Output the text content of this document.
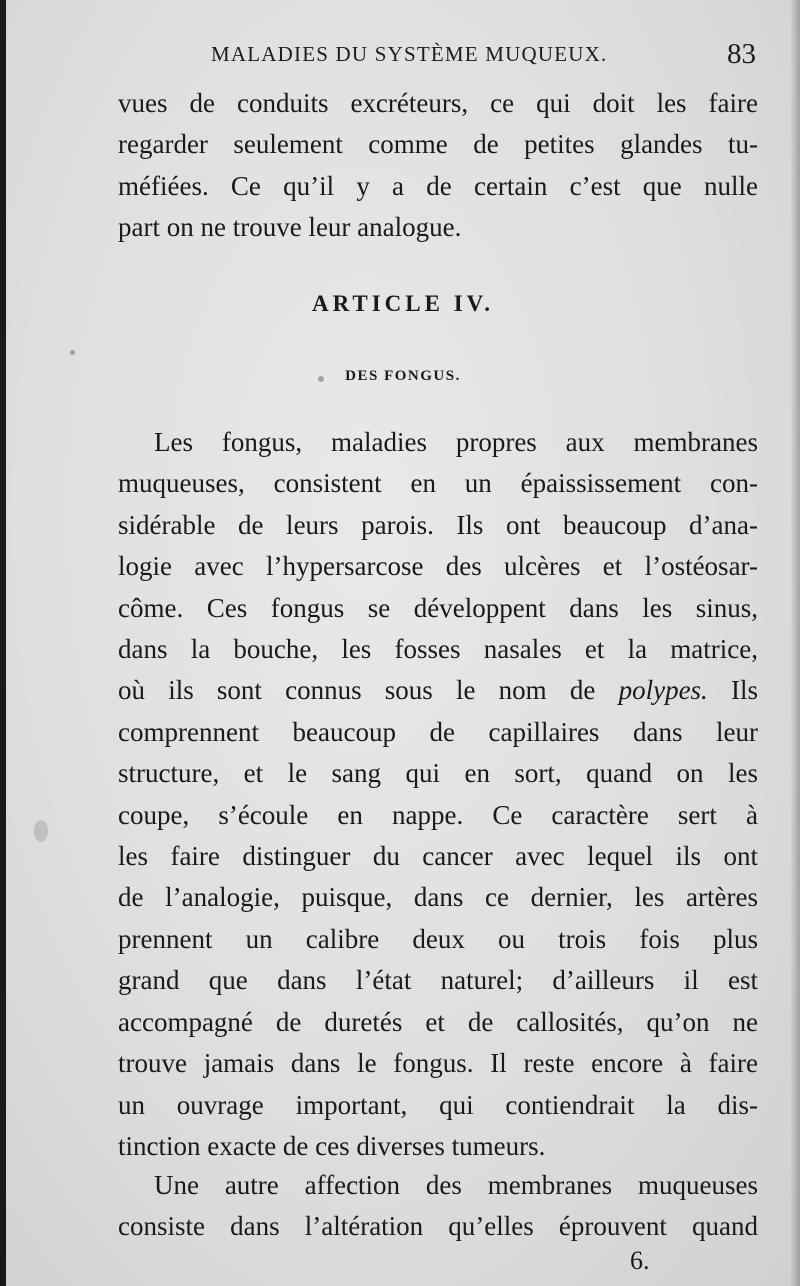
MALADIES DU SYSTÈME MUQUEUX.	83
vues de conduits excréteurs, ce qui doit les faire
regarder seulement comme de petites glandes tu-
méfiées. Ce qu’il y a de certain c’est que nulle
part on ne trouve leur analogue.
ARTICLE IV.
DES FONGUS.
Les fongus, maladies propres aux membranes
muqueuses, consistent en un épaississement con-
sidérable de leurs parois. Ils ont beaucoup d’ana-
logie avec l’hypersarcose des ulcères et l’ostéosar-
côme. Ces fongus se développent dans les sinus,
dans la bouche, les fosses nasales et la matrice,
où ils sont connus sous le nom de polypes. Ils
comprennent beaucoup de capillaires dans leur
structure, et le sang qui en sort, quand on les
coupe, s’écoule en nappe. Ce caractère sert à
les faire distinguer du cancer avec lequel ils ont
de l’analogie, puisque, dans ce dernier, les artères
prennent un calibre deux ou trois fois plus
grand que dans l’état naturel; d’ailleurs il est
accompagné de duretés et de callosités, qu’on ne
trouve jamais dans le fongus. Il reste encore à faire
un ouvrage important, qui contiendrait la dis-
tinction exacte de ces diverses tumeurs.
Une autre affection des membranes muqueuses
consiste dans l’altération qu’elles éprouvent quand
6.
